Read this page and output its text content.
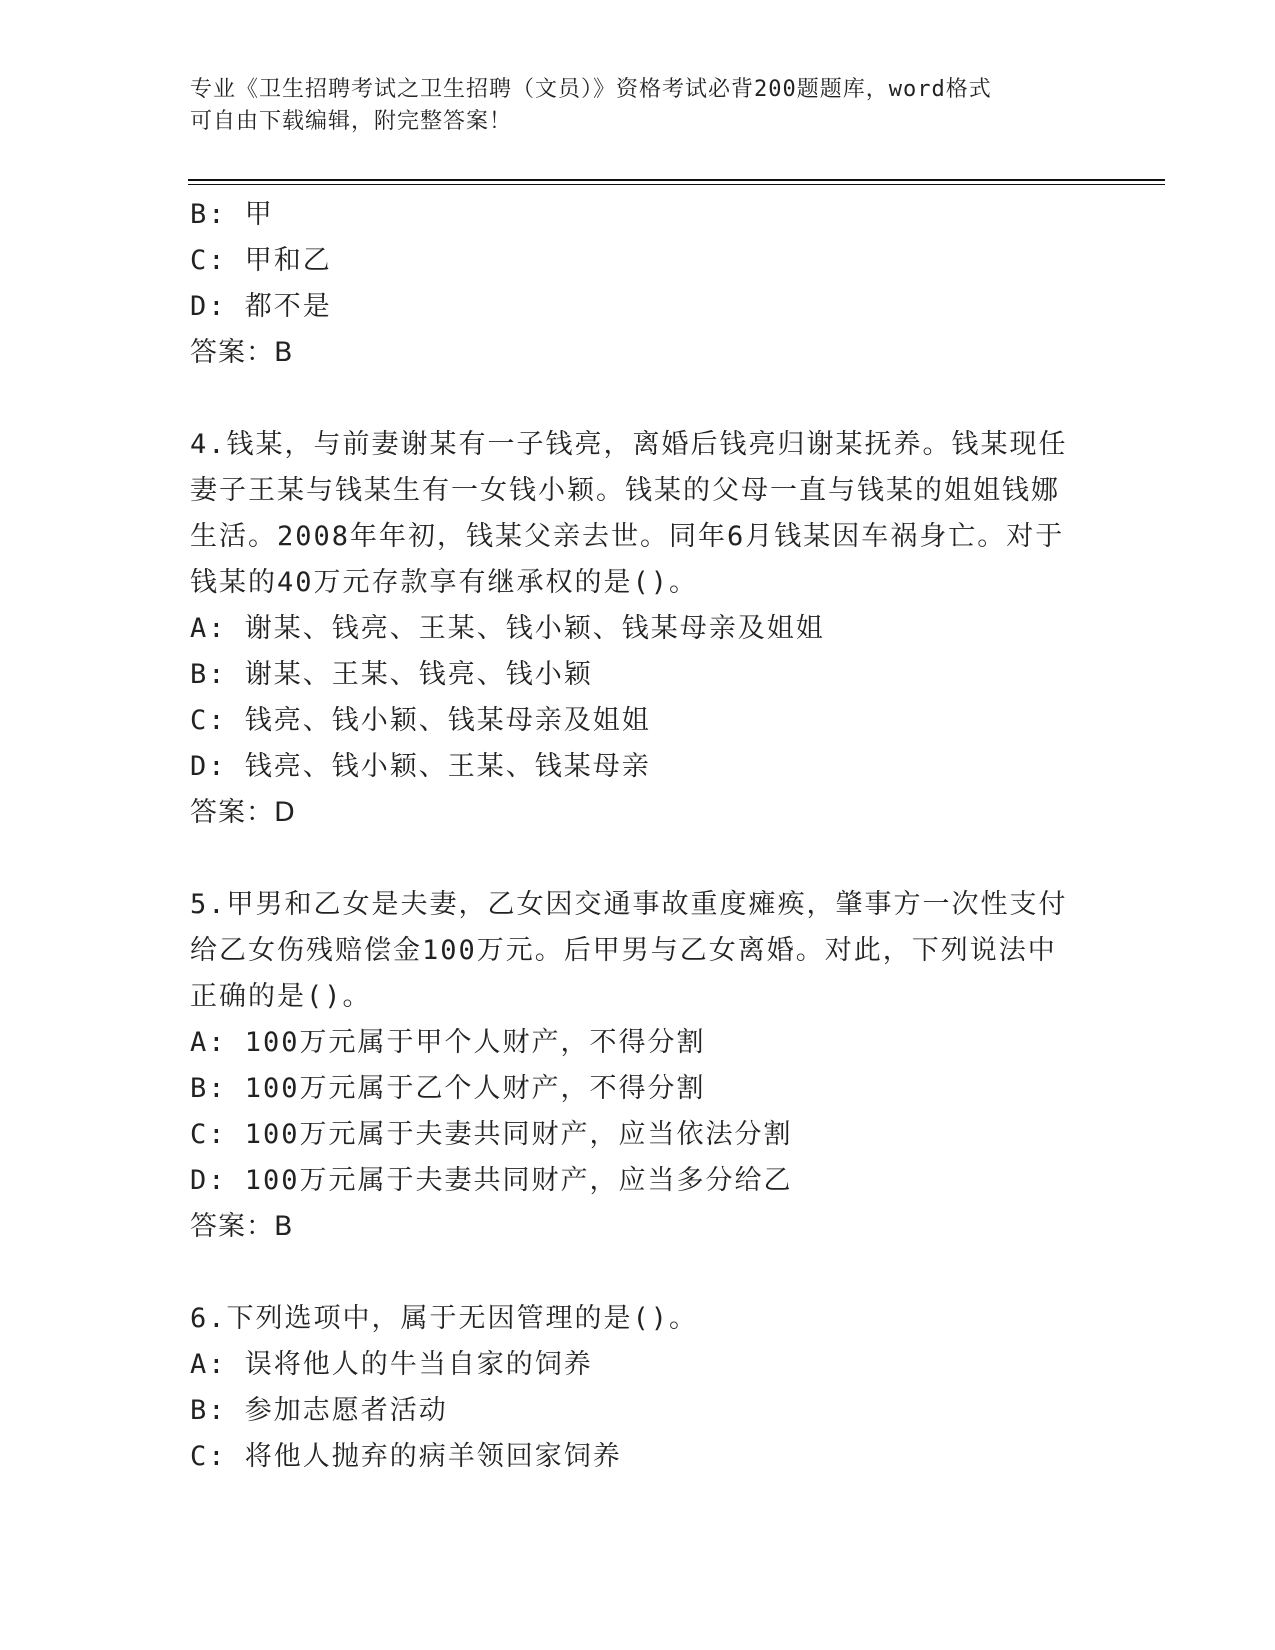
专业《卫生招聘考试之卫生招聘（文员）》资格考试必背200题题库，word格式
可自由下载编辑，附完整答案！
B: 甲
C: 甲和乙
D: 都不是
答案：B
4.钱某，与前妻谢某有一子钱亮，离婚后钱亮归谢某抚养。钱某现任
妻子王某与钱某生有一女钱小颖。钱某的父母一直与钱某的姐姐钱娜
生活。2008年年初，钱某父亲去世。同年6月钱某因车祸身亡。对于
钱某的40万元存款享有继承权的是()。
A: 谢某、钱亮、王某、钱小颖、钱某母亲及姐姐
B: 谢某、王某、钱亮、钱小颖
C: 钱亮、钱小颖、钱某母亲及姐姐
D: 钱亮、钱小颖、王某、钱某母亲
答案：D
5.甲男和乙女是夫妻，乙女因交通事故重度瘫痪，肇事方一次性支付
给乙女伤残赔偿金100万元。后甲男与乙女离婚。对此，下列说法中
正确的是()。
A: 100万元属于甲个人财产，不得分割
B: 100万元属于乙个人财产，不得分割
C: 100万元属于夫妻共同财产，应当依法分割
D: 100万元属于夫妻共同财产，应当多分给乙
答案：B
6.下列选项中，属于无因管理的是()。
A: 误将他人的牛当自家的饲养
B: 参加志愿者活动
C: 将他人抛弃的病羊领回家饲养
